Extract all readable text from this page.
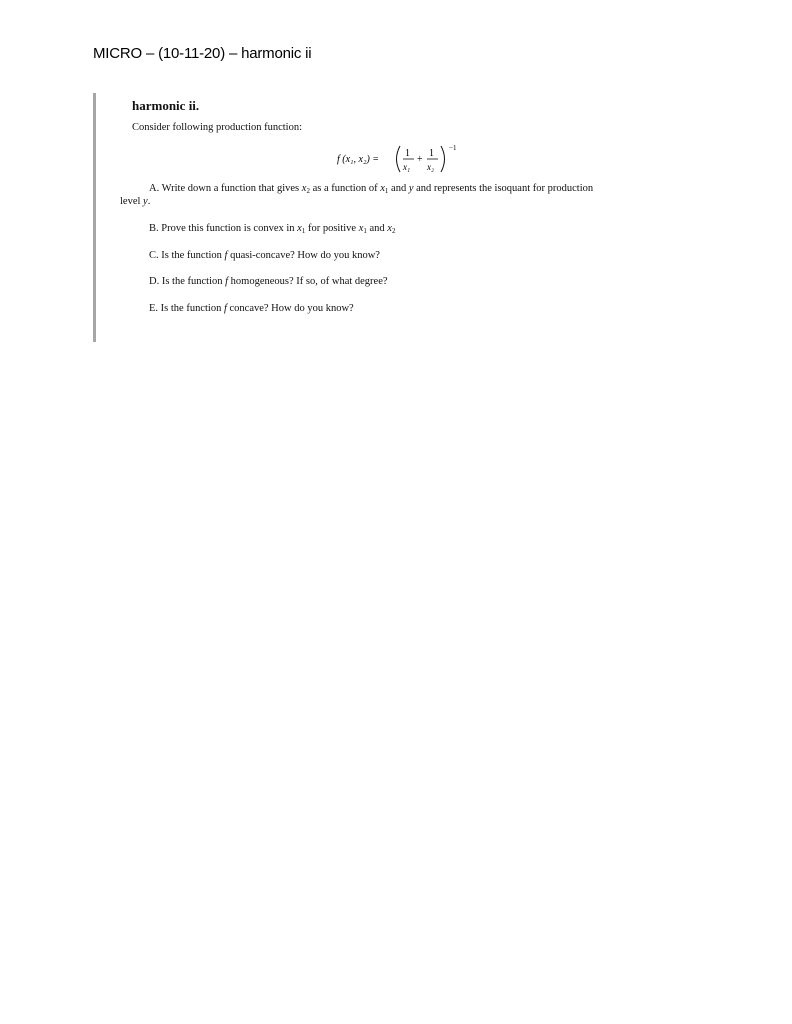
MICRO – (10-11-20) – harmonic ii
harmonic ii.
Consider following production function:
f (x₁, x₂) =
1
x₁
+
1
x₂
−1
A. Write down a function that gives $x_2$ as a function of $x_1$ and y and represents the isoquant for production
level y.
B. Prove this function is convex in $x_1$ for positive $x_1$ and $x_2$
C. Is the function f quasi-concave? How do you know?
D. Is the function f homogeneous? If so, of what degree?
E. Is the function f concave? How do you know?
